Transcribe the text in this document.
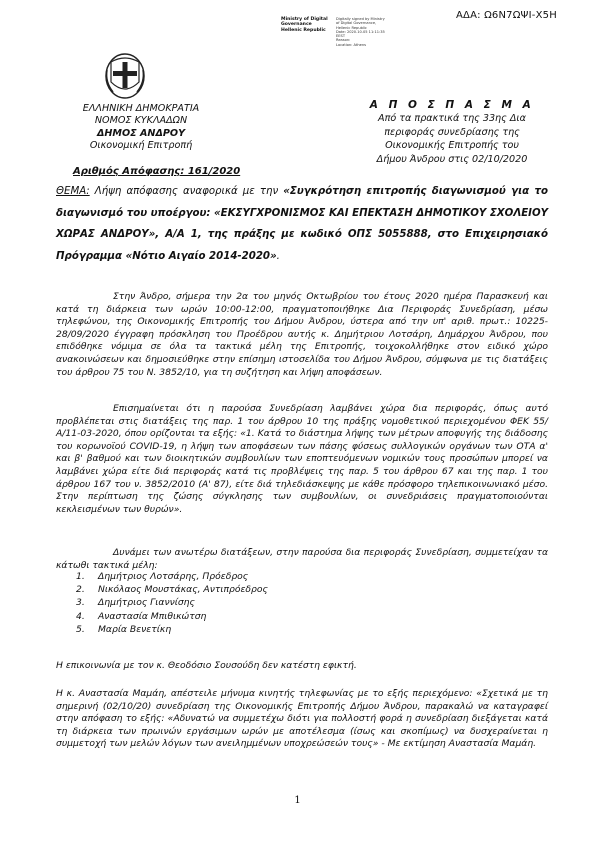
ΑΔΑ: Ω6Ν7ΩΨΙ-Χ5Η
Ministry of Digital
Governance
Hellenic Republic
Digitally signed by Ministry
of Digital Governance,
Hellenic Republic
Date: 2020.10.05 11:11:35
EEST
Reason:
Location: Athens
ΕΛΛΗΝΙΚΗ ΔΗΜΟΚΡΑΤΙΑ
ΝΟΜΟΣ ΚΥΚΛΑΔΩΝ
ΔΗΜΟΣ ΑΝΔΡΟΥ
Οικονομική Επιτροπή
Α Π Ο Σ Π Α Σ Μ Α
Από τα πρακτικά της 33ης Δια
περιφοράς συνεδρίασης της
Οικονομικής Επιτροπής του
Δήμου Άνδρου στις 02/10/2020
Αριθμός Απόφασης: 161/2020
ΘΕΜΑ: Λήψη απόφασης αναφορικά με την «Συγκρότηση επιτροπής διαγωνισμού για το διαγωνισμό του υποέργου: «ΕΚΣΥΓΧΡΟΝΙΣΜΟΣ ΚΑΙ ΕΠΕΚΤΑΣΗ ΔΗΜΟΤΙΚΟΥ ΣΧΟΛΕΙΟΥ ΧΩΡΑΣ ΑΝΔΡΟΥ», Α/Α 1, της πράξης με κωδικό ΟΠΣ 5055888, στο Επιχειρησιακό Πρόγραμμα «Νότιο Αιγαίο 2014-2020».
Στην Άνδρο, σήμερα την 2α του μηνός Οκτωβρίου του έτους 2020 ημέρα Παρασκευή και κατά τη διάρκεια των ωρών 10:00-12:00, πραγματοποιήθηκε Δια Περιφοράς Συνεδρίαση, μέσω τηλεφώνου, της Οικονομικής Επιτροπής του Δήμου Άνδρου, ύστερα από την υπ' αριθ. πρωτ.: 10225-28/09/2020 έγγραφη πρόσκληση του Προέδρου αυτής κ. Δημήτριου Λοτσάρη, Δημάρχου Άνδρου, που επιδόθηκε νόμιμα σε όλα τα τακτικά μέλη της Επιτροπής, τοιχοκολλήθηκε στον ειδικό χώρο ανακοινώσεων και δημοσιεύθηκε στην επίσημη ιστοσελίδα του Δήμου Άνδρου, σύμφωνα με τις διατάξεις του άρθρου 75 του Ν. 3852/10, για τη συζήτηση και λήψη αποφάσεων.
Επισημαίνεται ότι η παρούσα Συνεδρίαση λαμβάνει χώρα δια περιφοράς, όπως αυτό προβλέπεται στις διατάξεις της παρ. 1 του άρθρου 10 της πράξης νομοθετικού περιεχομένου ΦΕΚ 55/Α/11-03-2020, όπου ορίζονται τα εξής: «1. Κατά το διάστημα λήψης των μέτρων αποφυγής της διάδοσης του κορωνοϊού COVID-19, η λήψη των αποφάσεων των πάσης φύσεως συλλογικών οργάνων των ΟΤΑ α' και β' βαθμού και των διοικητικών συμβουλίων των εποπτευόμενων νομικών τους προσώπων μπορεί να λαμβάνει χώρα είτε διά περιφοράς κατά τις προβλέψεις της παρ. 5 του άρθρου 67 και της παρ. 1 του άρθρου 167 του ν. 3852/2010 (Α' 87), είτε διά τηλεδιάσκεψης με κάθε πρόσφορο τηλεπικοινωνιακό μέσο. Στην περίπτωση της ζώσης σύγκλησης των συμβουλίων, οι συνεδριάσεις πραγματοποιούνται κεκλεισμένων των θυρών».
Δυνάμει των ανωτέρω διατάξεων, στην παρούσα δια περιφοράς Συνεδρίαση, συμμετείχαν τα κάτωθι τακτικά μέλη:
1.	Δημήτριος Λοτσάρης, Πρόεδρος
2.	Νικόλαος Μουστάκας, Αντιπρόεδρος
3.	Δημήτριος Γιαννίσης
4.	Αναστασία Μπιθικώτση
5.	Μαρία Βενετίκη
Η επικοινωνία με τον κ. Θεοδόσιο Σουσούδη δεν κατέστη εφικτή.
Η κ. Αναστασία Μαμάη, απέστειλε μήνυμα κινητής τηλεφωνίας με το εξής περιεχόμενο: «Σχετικά με τη σημερινή (02/10/20) συνεδρίαση της Οικονομικής Επιτροπής Δήμου Άνδρου, παρακαλώ να καταγραφεί στην απόφαση το εξής: «Αδυνατώ να συμμετέχω διότι για πολλοστή φορά η συνεδρίαση διεξάγεται κατά τη διάρκεια των πρωινών εργάσιμων ωρών με αποτέλεσμα (ίσως και σκοπίμως) να δυσχεραίνεται η συμμετοχή των μελών λόγων των ανειλημμένων υποχρεώσεών τους» - Με εκτίμηση Αναστασία Μαμάη.
1
